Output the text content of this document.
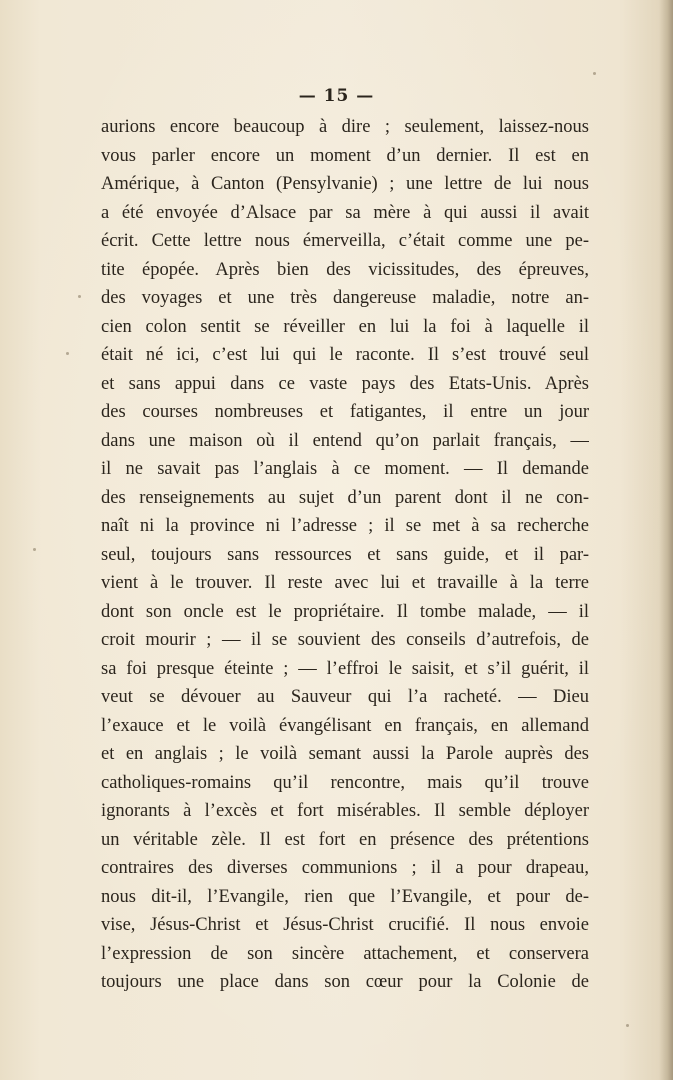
— 15 —
aurions encore beaucoup à dire ; seulement, laissez-nous
vous parler encore un moment d’un dernier. Il est en
Amérique, à Canton (Pensylvanie) ; une lettre de lui nous
a été envoyée d’Alsace par sa mère à qui aussi il avait
écrit. Cette lettre nous émerveilla, c’était comme une pe-
tite épopée. Après bien des vicissitudes, des épreuves,
des voyages et une très dangereuse maladie, notre an-
cien colon sentit se réveiller en lui la foi à laquelle il
était né ici, c’est lui qui le raconte. Il s’est trouvé seul
et sans appui dans ce vaste pays des Etats-Unis. Après
des courses nombreuses et fatigantes, il entre un jour
dans une maison où il entend qu’on parlait français, —
il ne savait pas l’anglais à ce moment. — Il demande
des renseignements au sujet d’un parent dont il ne con-
naît ni la province ni l’adresse ; il se met à sa recherche
seul, toujours sans ressources et sans guide, et il par-
vient à le trouver. Il reste avec lui et travaille à la terre
dont son oncle est le propriétaire. Il tombe malade, — il
croit mourir ; — il se souvient des conseils d’autrefois, de
sa foi presque éteinte ; — l’effroi le saisit, et s’il guérit, il
veut se dévouer au Sauveur qui l’a racheté. — Dieu
l’exauce et le voilà évangélisant en français, en allemand
et en anglais ; le voilà semant aussi la Parole auprès des
catholiques-romains qu’il rencontre, mais qu’il trouve
ignorants à l’excès et fort misérables. Il semble déployer
un véritable zèle. Il est fort en présence des prétentions
contraires des diverses communions ; il a pour drapeau,
nous dit-il, l’Evangile, rien que l’Evangile, et pour de-
vise, Jésus-Christ et Jésus-Christ crucifié. Il nous envoie
l’expression de son sincère attachement, et conservera
toujours une place dans son cœur pour la Colonie de
